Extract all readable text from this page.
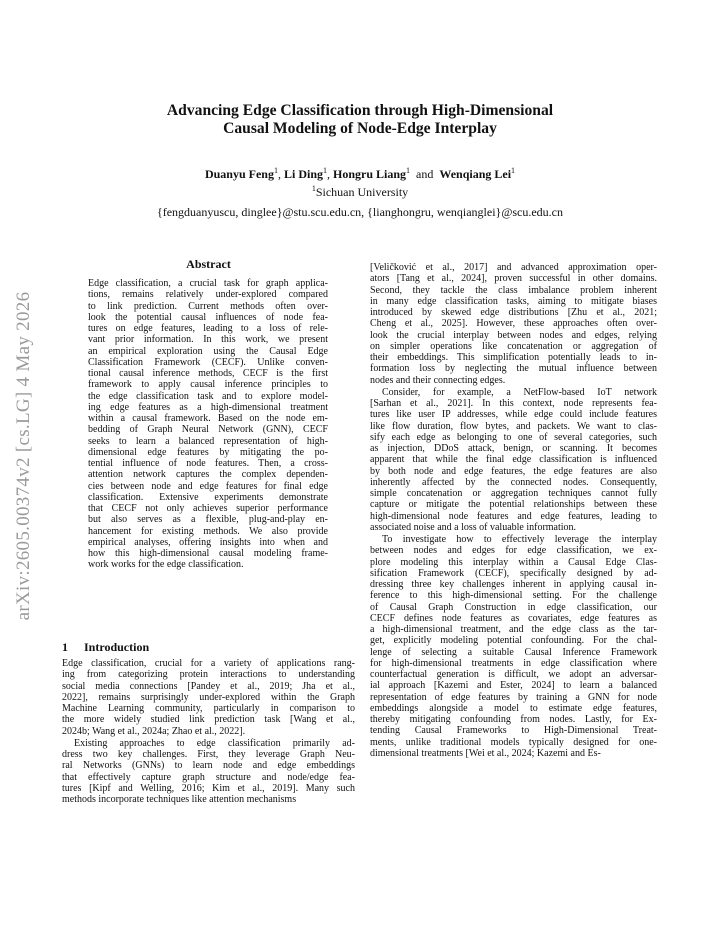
Advancing Edge Classification through High-Dimensional
Causal Modeling of Node-Edge Interplay
Duanyu Feng$^1$, Li Ding$^1$, Hongru Liang$^1$ and Wenqiang Lei$^1$
$^1$Sichuan University
{fengduanyuscu, dinglee}@stu.scu.edu.cn, {lianghongru, wenqianglei}@scu.edu.cn
arXiv:2605.00374v2 [cs.LG] 4 May 2026
Abstract
Edge classification, a crucial task for graph applica-
tions, remains relatively under-explored compared
to link prediction. Current methods often over-
look the potential causal influences of node fea-
tures on edge features, leading to a loss of rele-
vant prior information. In this work, we present
an empirical exploration using the Causal Edge
Classification Framework (CECF). Unlike conven-
tional causal inference methods, CECF is the first
framework to apply causal inference principles to
the edge classification task and to explore model-
ing edge features as a high-dimensional treatment
within a causal framework. Based on the node em-
bedding of Graph Neural Network (GNN), CECF
seeks to learn a balanced representation of high-
dimensional edge features by mitigating the po-
tential influence of node features. Then, a cross-
attention network captures the complex dependen-
cies between node and edge features for final edge
classification. Extensive experiments demonstrate
that CECF not only achieves superior performance
but also serves as a flexible, plug-and-play en-
hancement for existing methods. We also provide
empirical analyses, offering insights into when and
how this high-dimensional causal modeling frame-
work works for the edge classification.
1 Introduction
Edge classification, crucial for a variety of applications rang-
ing from categorizing protein interactions to understanding
social media connections [Pandey et al., 2019; Jha et al.,
2022], remains surprisingly under-explored within the Graph
Machine Learning community, particularly in comparison to
the more widely studied link prediction task [Wang et al.,
2024b; Wang et al., 2024a; Zhao et al., 2022].
Existing approaches to edge classification primarily ad-
dress two key challenges. First, they leverage Graph Neu-
ral Networks (GNNs) to learn node and edge embeddings
that effectively capture graph structure and node/edge fea-
tures [Kipf and Welling, 2016; Kim et al., 2019]. Many such
methods incorporate techniques like attention mechanisms
[Veličković et al., 2017] and advanced approximation oper-
ators [Tang et al., 2024], proven successful in other domains.
Second, they tackle the class imbalance problem inherent
in many edge classification tasks, aiming to mitigate biases
introduced by skewed edge distributions [Zhu et al., 2021;
Cheng et al., 2025]. However, these approaches often over-
look the crucial interplay between nodes and edges, relying
on simpler operations like concatenation or aggregation of
their embeddings. This simplification potentially leads to in-
formation loss by neglecting the mutual influence between
nodes and their connecting edges.
Consider, for example, a NetFlow-based IoT network
[Sarhan et al., 2021]. In this context, node represents fea-
tures like user IP addresses, while edge could include features
like flow duration, flow bytes, and packets. We want to clas-
sify each edge as belonging to one of several categories, such
as injection, DDoS attack, benign, or scanning. It becomes
apparent that while the final edge classification is influenced
by both node and edge features, the edge features are also
inherently affected by the connected nodes. Consequently,
simple concatenation or aggregation techniques cannot fully
capture or mitigate the potential relationships between these
high-dimensional node features and edge features, leading to
associated noise and a loss of valuable information.
To investigate how to effectively leverage the interplay
between nodes and edges for edge classification, we ex-
plore modeling this interplay within a Causal Edge Clas-
sification Framework (CECF), specifically designed by ad-
dressing three key challenges inherent in applying causal in-
ference to this high-dimensional setting. For the challenge
of Causal Graph Construction in edge classification, our
CECF defines node features as covariates, edge features as
a high-dimensional treatment, and the edge class as the tar-
get, explicitly modeling potential confounding. For the chal-
lenge of selecting a suitable Causal Inference Framework
for high-dimensional treatments in edge classification where
counterfactual generation is difficult, we adopt an adversar-
ial approach [Kazemi and Ester, 2024] to learn a balanced
representation of edge features by training a GNN for node
embeddings alongside a model to estimate edge features,
thereby mitigating confounding from nodes. Lastly, for Ex-
tending Causal Frameworks to High-Dimensional Treat-
ments, unlike traditional models typically designed for one-
dimensional treatments [Wei et al., 2024; Kazemi and Es-
